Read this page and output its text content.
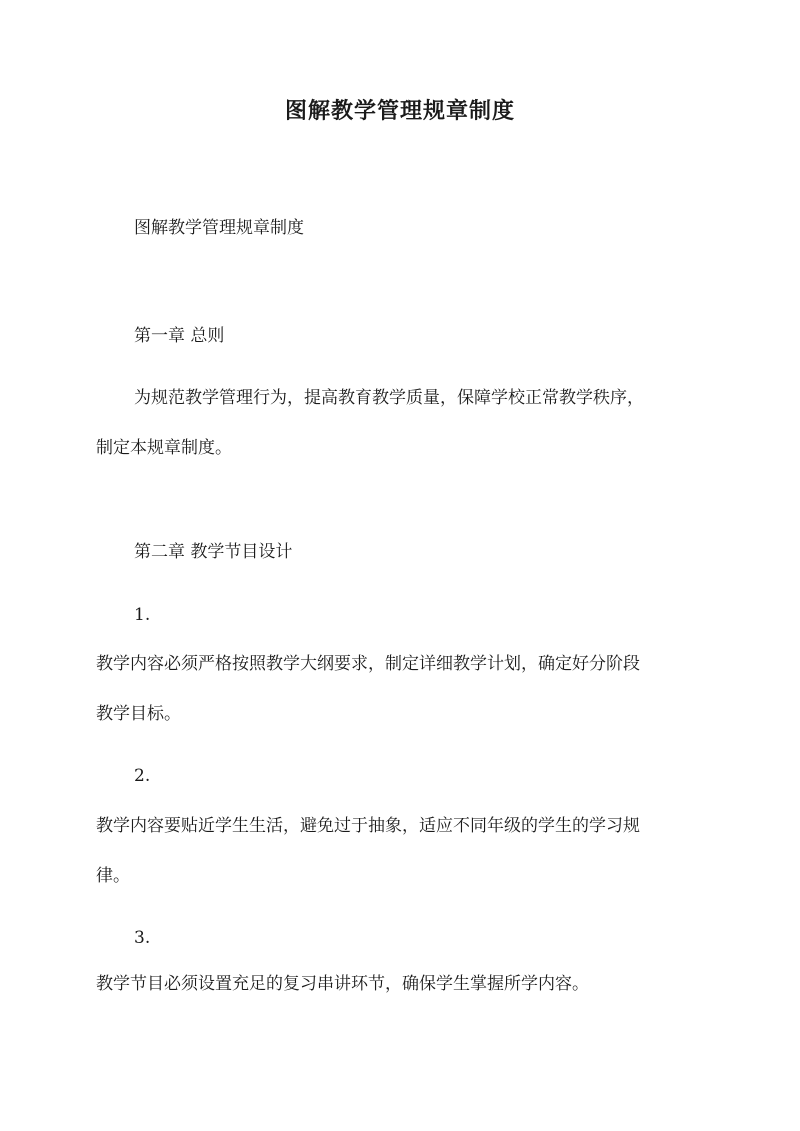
图解教学管理规章制度

图解教学管理规章制度

第一章 总则

为规范教学管理行为，提高教育教学质量，保障学校正常教学秩序，

制定本规章制度。

第二章 教学节目设计

1.

教学内容必须严格按照教学大纲要求，制定详细教学计划，确定好分阶段

教学目标。

2.

教学内容要贴近学生生活，避免过于抽象，适应不同年级的学生的学习规

律。

3.

教学节目必须设置充足的复习串讲环节，确保学生掌握所学内容。
